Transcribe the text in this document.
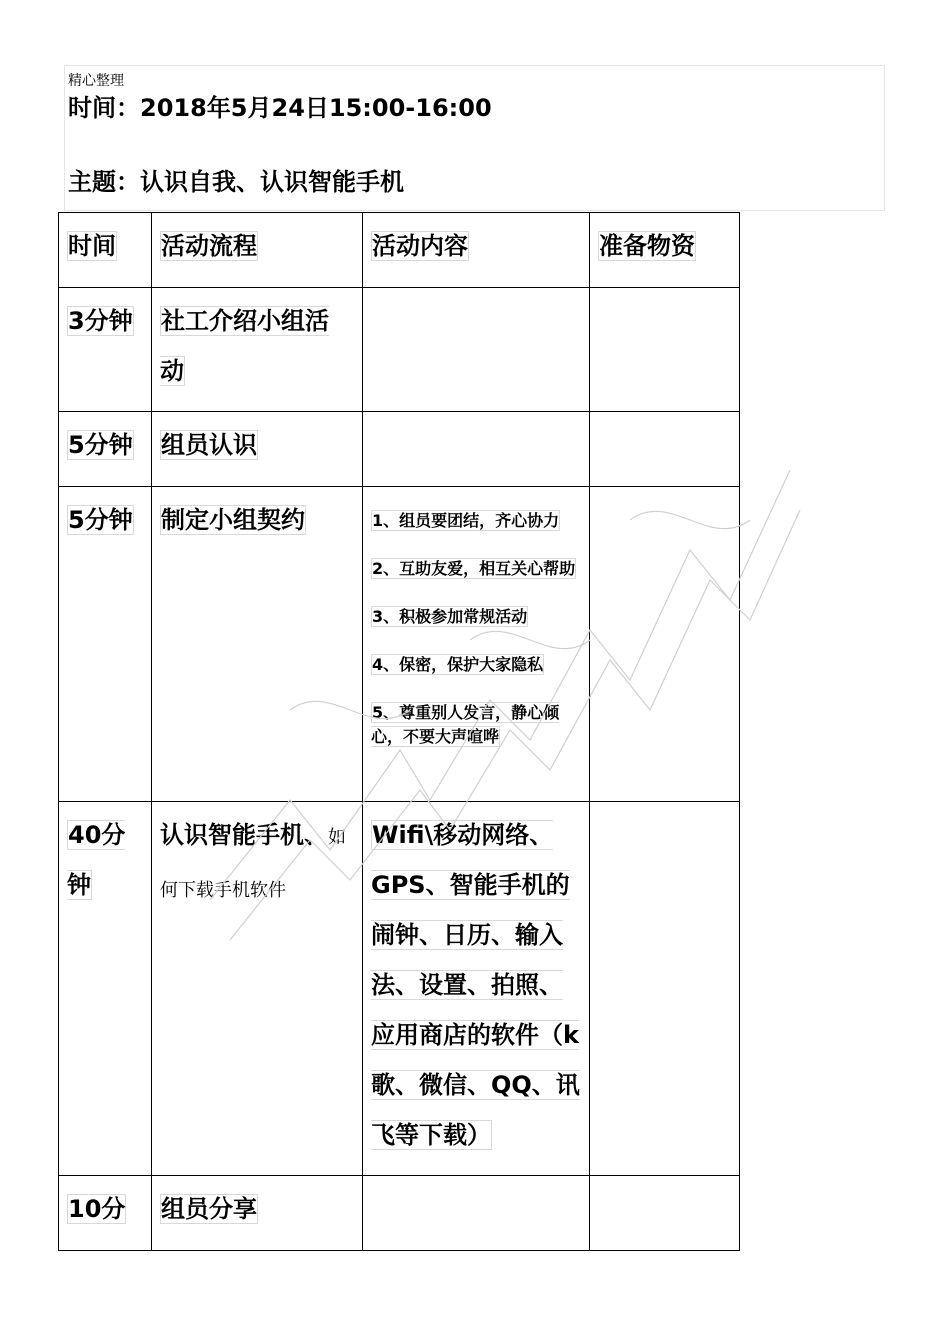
精心整理
时间：2018年5月24日15:00-16:00
主题：认识自我、认识智能手机
时间	活动流程	活动内容	准备物资

3分钟	社工介绍小组活动		

5分钟	组员认识		

5分钟	制定小组契约	1、组员要团结，齐心协力
2、互助友爱，相互关心帮助
3、积极参加常规活动
4、保密，保护大家隐私
5、尊重别人发言，静心倾心，不要大声喧哗	

40分钟	认识智能手机、如何下载手机软件	Wifi\移动网络、GPS、智能手机的闹钟、日历、输入法、设置、拍照、应用商店的软件（k歌、微信、QQ、讯飞等下载）	

10分	组员分享		
